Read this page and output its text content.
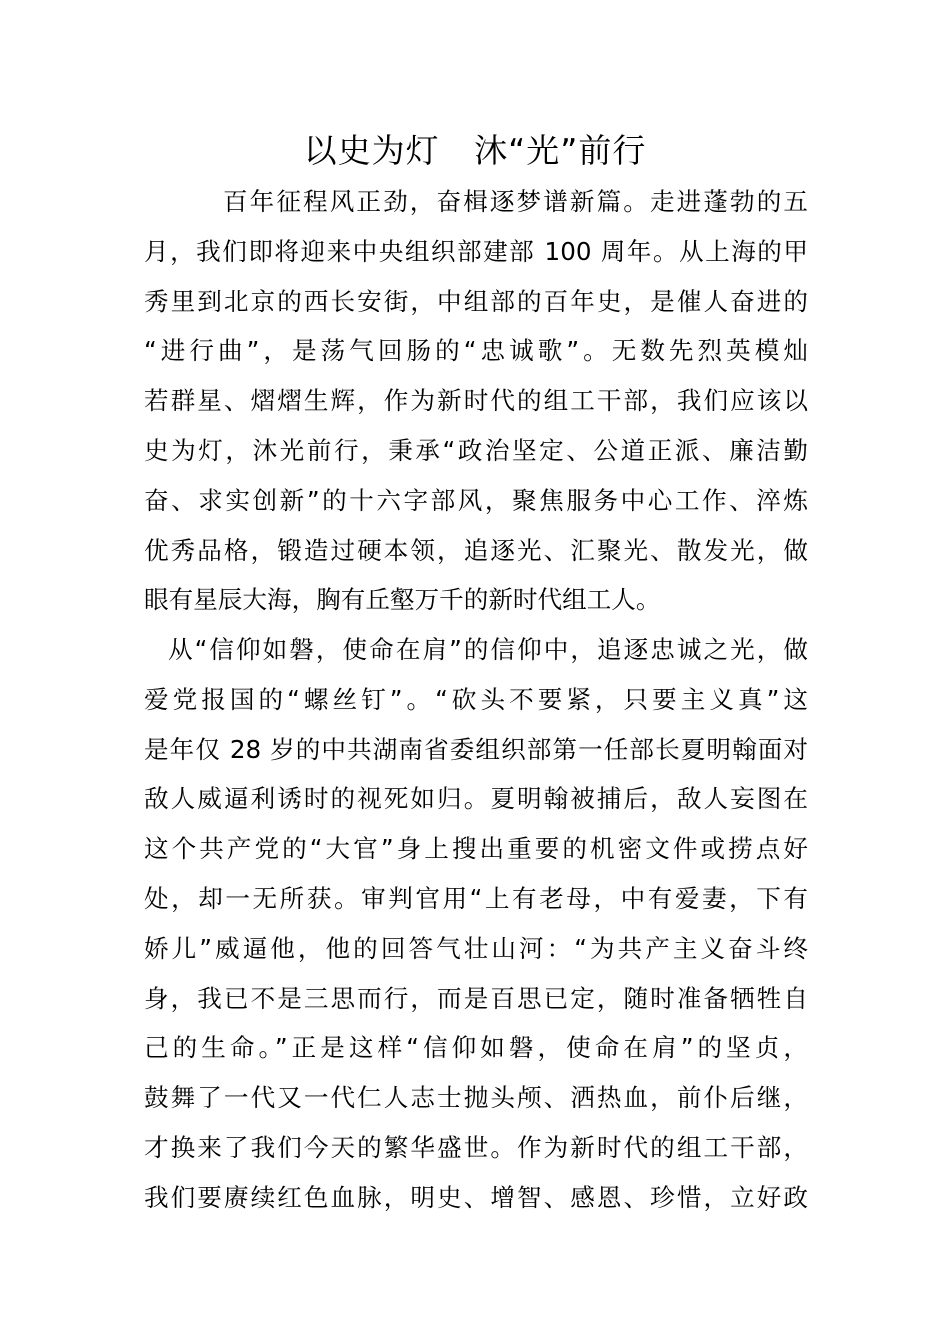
以史为灯   沐“光”前行
百年征程风正劲，奋楫逐梦谱新篇。走进蓬勃的五
月，我们即将迎来中央组织部建部 100 周年。从上海的甲
秀里到北京的西长安街，中组部的百年史，是催人奋进的
“进行曲”，是荡气回肠的“忠诚歌”。无数先烈英模灿
若群星、熠熠生辉，作为新时代的组工干部，我们应该以
史为灯，沐光前行，秉承“政治坚定、公道正派、廉洁勤
奋、求实创新”的十六字部风，聚焦服务中心工作、淬炼
优秀品格，锻造过硬本领，追逐光、汇聚光、散发光，做
眼有星辰大海，胸有丘壑万千的新时代组工人。
从“信仰如磐，使命在肩”的信仰中，追逐忠诚之光，做
爱党报国的“螺丝钉”。“砍头不要紧，只要主义真”这
是年仅 28 岁的中共湖南省委组织部第一任部长夏明翰面对
敌人威逼利诱时的视死如归。夏明翰被捕后，敌人妄图在
这个共产党的“大官”身上搜出重要的机密文件或捞点好
处，却一无所获。审判官用“上有老母，中有爱妻，下有
娇儿”威逼他，他的回答气壮山河：“为共产主义奋斗终
身，我已不是三思而行，而是百思已定，随时准备牺牲自
己的生命。”正是这样“信仰如磐，使命在肩”的坚贞，
鼓舞了一代又一代仁人志士抛头颅、洒热血，前仆后继，
才换来了我们今天的繁华盛世。作为新时代的组工干部，
我们要赓续红色血脉，明史、增智、感恩、珍惜，立好政
